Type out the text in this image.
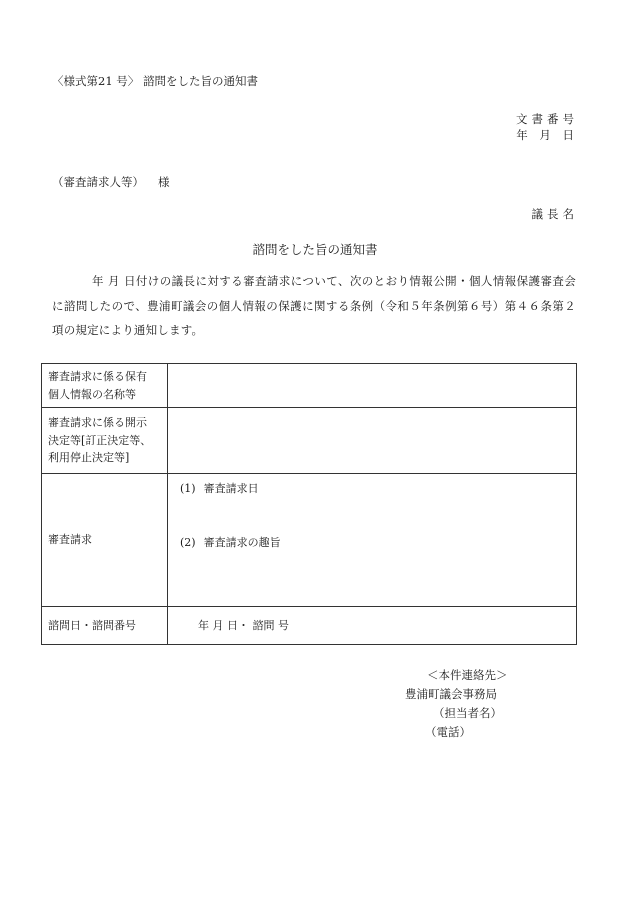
〈様式第21 号〉 諮問をした旨の通知書
文書番号
年 月 日
（審査請求人等） 様
議長名
諮問をした旨の通知書
年 月 日付けの議長に対する審査請求について、次のとおり情報公開・個人情報保護審査会に諮問したので、豊浦町議会の個人情報の保護に関する条例（令和５年条例第６号）第４６条第２項の規定により通知します。
審査請求に係る保有
個人情報の名称等	

審査請求に係る開示
決定等[訂正決定等、
利用停止決定等]	

審査請求	(1) 審査請求日
(2) 審査請求の趣旨

諮問日・諮問番号	年 月 日・ 諮問 号
＜本件連絡先＞
豊浦町議会事務局
（担当者名）
（電話）
